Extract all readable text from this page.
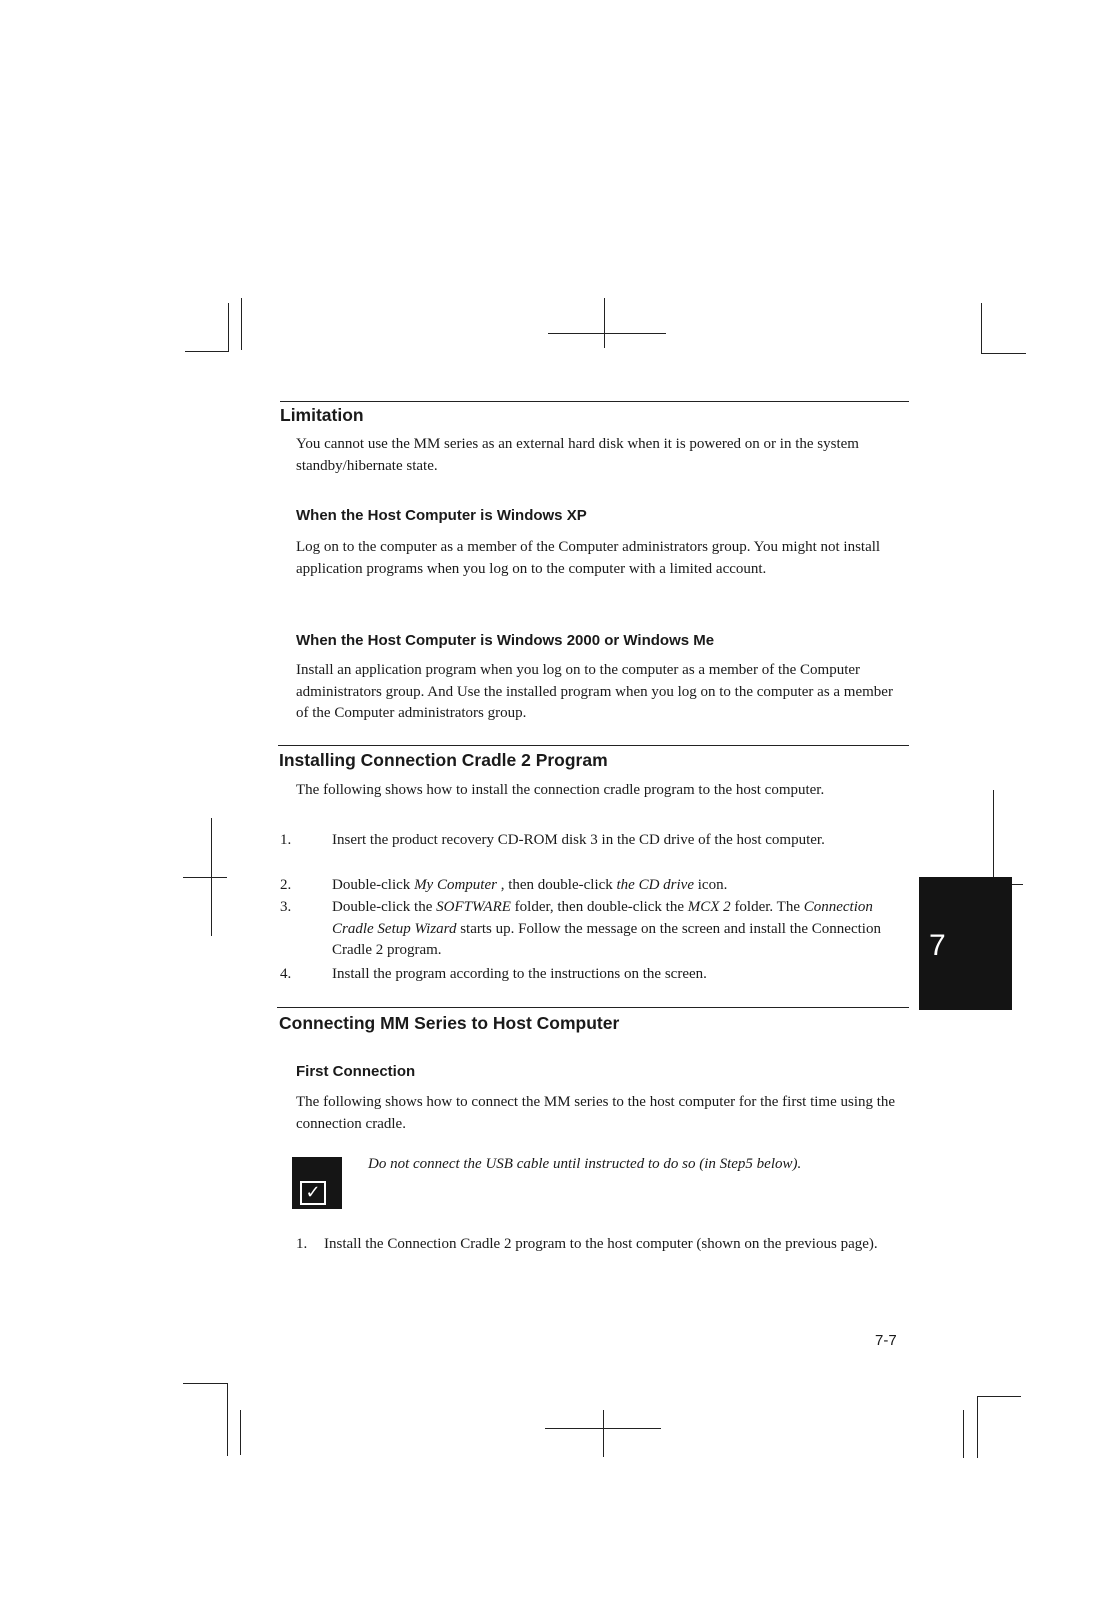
Limitation

You cannot use the MM series as an external hard disk when it is powered on or in the system standby/hibernate state.

When the Host Computer is Windows XP

Log on to the computer as a member of the Computer administrators group. You might not install application programs when you log on to the computer with a limited account.

When the Host Computer is Windows 2000 or Windows Me

Install an application program when you log on to the computer as a member of the Computer administrators group. And Use the installed program when you log on to the computer as a member of the Computer administrators group.

Installing Connection Cradle 2 Program

The following shows how to install the connection cradle program to the host computer.

1.	Insert the product recovery CD-ROM disk 3 in the CD drive of the host computer.
2.	Double-click My Computer , then double-click the CD drive icon.
3.	Double-click the SOFTWARE folder, then double-click the MCX 2 folder. The Connection Cradle Setup Wizard starts up. Follow the message on the screen and install the Connection Cradle 2 program.
4.	Install the program according to the instructions on the screen.
7
Connecting MM Series to Host Computer
First Connection

The following shows how to connect the MM series to the host computer for the first time using the connection cradle.

✓
Do not connect the USB cable until instructed to do so (in Step5 below).
1. Install the Connection Cradle 2 program to the host computer (shown on the previous page).
7-7
